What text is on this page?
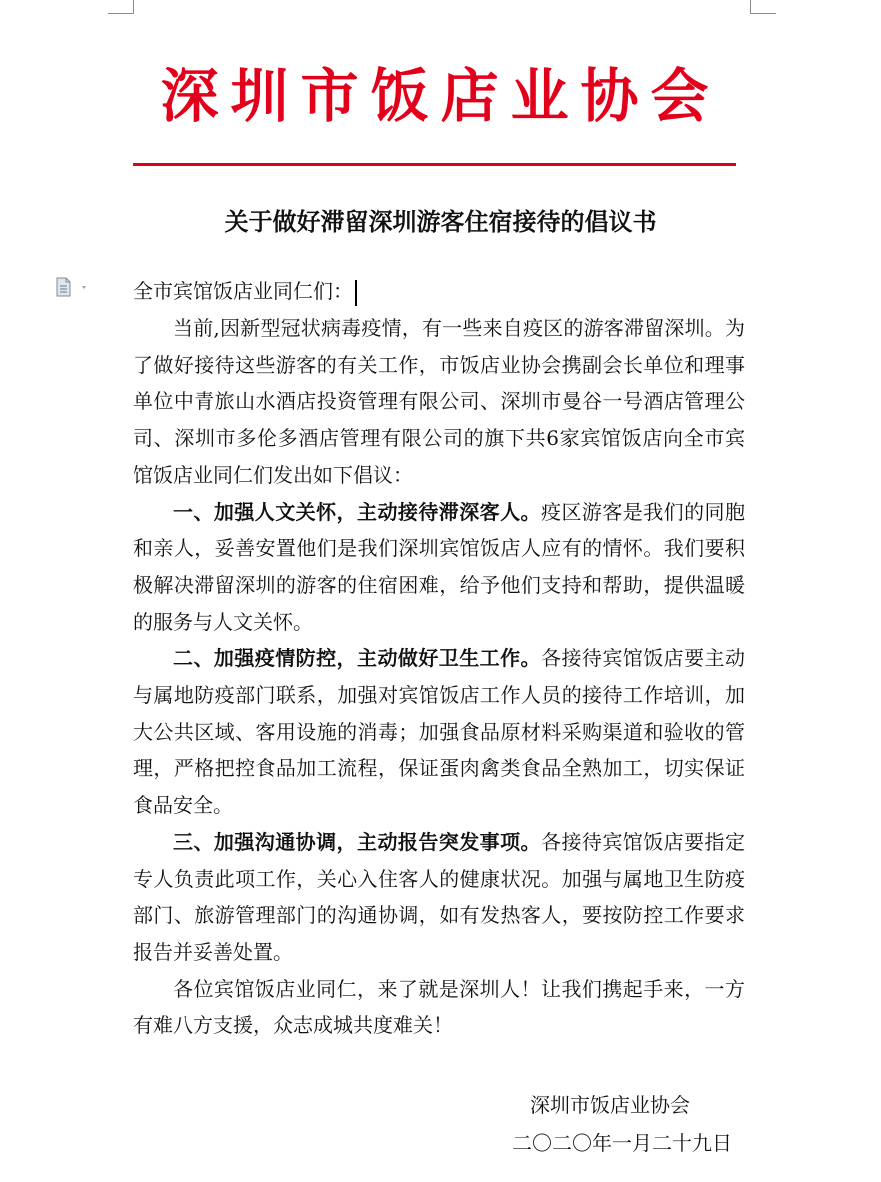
深圳市饭店业协会
关于做好滞留深圳游客住宿接待的倡议书
全市宾馆饭店业同仁们：

当前,因新型冠状病毒疫情，有一些来自疫区的游客滞留深圳。为了做好接待这些游客的有关工作，市饭店业协会携副会长单位和理事单位中青旅山水酒店投资管理有限公司、深圳市曼谷一号酒店管理公司、深圳市多伦多酒店管理有限公司的旗下共6家宾馆饭店向全市宾馆饭店业同仁们发出如下倡议：

一、加强人文关怀，主动接待滞深客人。疫区游客是我们的同胞和亲人，妥善安置他们是我们深圳宾馆饭店人应有的情怀。我们要积极解决滞留深圳的游客的住宿困难，给予他们支持和帮助，提供温暖的服务与人文关怀。

二、加强疫情防控，主动做好卫生工作。各接待宾馆饭店要主动与属地防疫部门联系，加强对宾馆饭店工作人员的接待工作培训，加大公共区域、客用设施的消毒；加强食品原材料采购渠道和验收的管理，严格把控食品加工流程，保证蛋肉禽类食品全熟加工，切实保证食品安全。

三、加强沟通协调，主动报告突发事项。各接待宾馆饭店要指定专人负责此项工作，关心入住客人的健康状况。加强与属地卫生防疫部门、旅游管理部门的沟通协调，如有发热客人，要按防控工作要求报告并妥善处置。

各位宾馆饭店业同仁，来了就是深圳人！让我们携起手来，一方有难八方支援，众志成城共度难关！

深圳市饭店业协会
二〇二〇年一月二十九日
